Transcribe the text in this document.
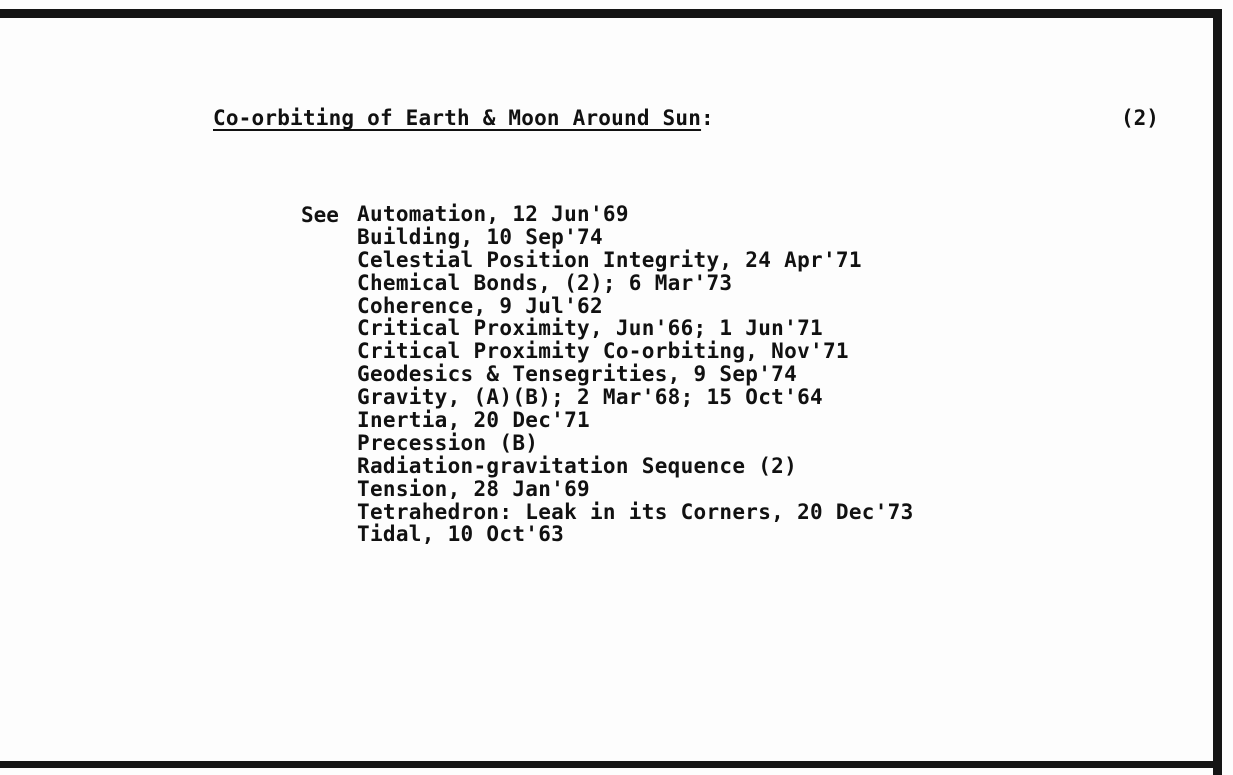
Co-orbiting of Earth & Moon Around Sun:	(2)
See Automation, 12 Jun'69
Building, 10 Sep'74
Celestial Position Integrity, 24 Apr'71
Chemical Bonds, (2); 6 Mar'73
Coherence, 9 Jul'62
Critical Proximity, Jun'66; 1 Jun'71
Critical Proximity Co-orbiting, Nov'71
Geodesics & Tensegrities, 9 Sep'74
Gravity, (A)(B); 2 Mar'68; 15 Oct'64
Inertia, 20 Dec'71
Precession (B)
Radiation-gravitation Sequence (2)
Tension, 28 Jan'69
Tetrahedron: Leak in its Corners, 20 Dec'73
Tidal, 10 Oct'63
